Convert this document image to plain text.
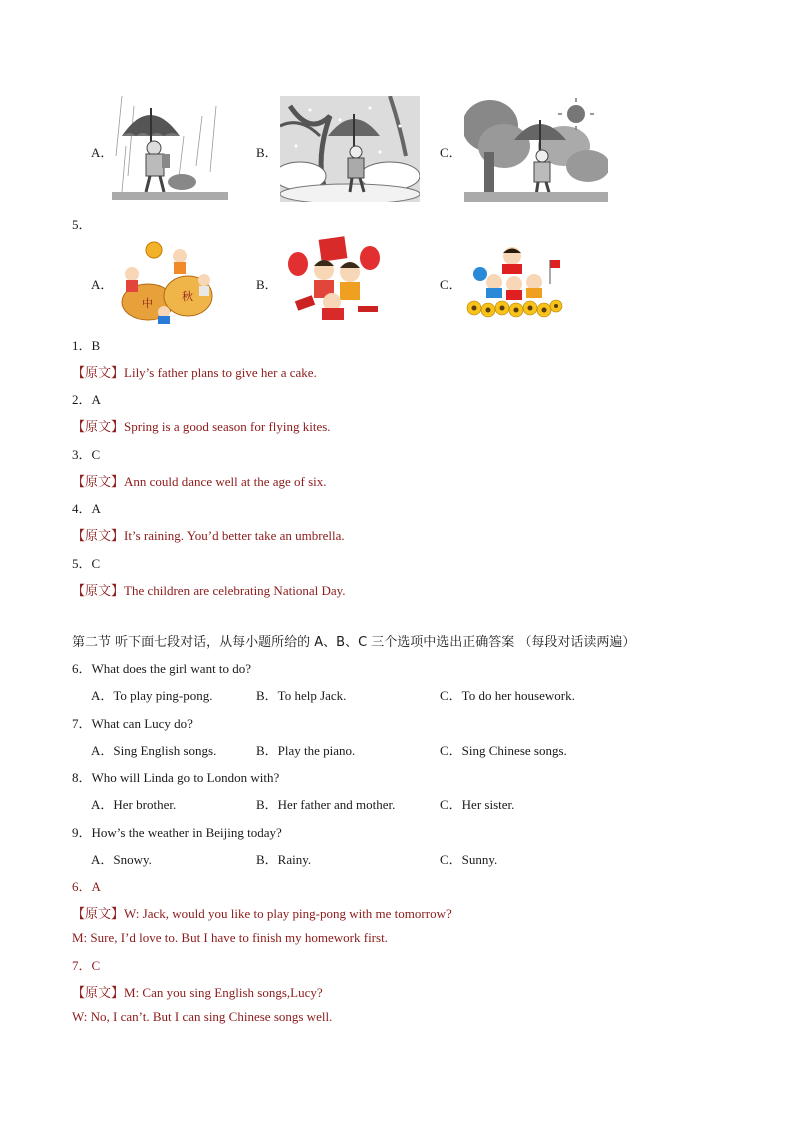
A．	B．	C．
5．
A．
中
秋
B．	C．
1．B
【原文】Lily’s father plans to give her a cake.
2．A
【原文】Spring is a good season for flying kites.
3．C
【原文】Ann could dance well at the age of six.
4．A
【原文】It’s raining. You’d better take an umbrella.
5．C
【原文】The children are celebrating National Day.
第二节 听下面七段对话，从每小题所给的 A、B、C 三个选项中选出正确答案 （每段对话读两遍）
6．What does the girl want to do?
A．To play ping-pong.	B．To help Jack.	C．To do her housework.
7．What can Lucy do?
A．Sing English songs.	B．Play the piano.	C．Sing Chinese songs.
8．Who will Linda go to London with?
A．Her brother.	B．Her father and mother.	C．Her sister.
9．How’s the weather in Beijing today?
A．Snowy.	B．Rainy.	C．Sunny.
6．A
【原文】W: Jack, would you like to play ping-pong with me tomorrow?
M: Sure, I’d love to. But I have to finish my homework first.
7．C
【原文】M: Can you sing English songs,Lucy?
W: No, I can’t. But I can sing Chinese songs well.
